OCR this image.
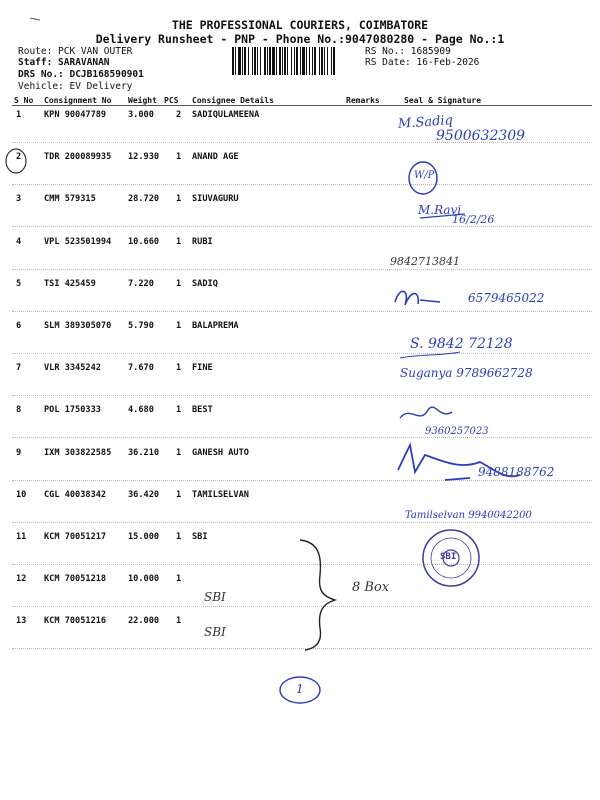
THE PROFESSIONAL COURIERS, COIMBATORE
Delivery Runsheet - PNP - Phone No.:9047080280 - Page No.:1
Route: PCK VAN OUTER
Staff: SARAVANAN
DRS No.: DCJB168590901
Vehicle: EV Delivery
RS No.: 1685909
RS Date: 16-Feb-2026
S No Consignment No Weight PCS Consignee Details	Remarks	Seal & Signature
1	KPN 90047789	3.000	2 SADIQULAMEENA
2	TDR 200089935 12.930 1 ANAND AGE
3	CMM 579315	28.720 1 SIUVAGURU
4	VPL 523501994 10.660 1 RUBI
5	TSI 425459	7.220	1 SADIQ
6	SLM 389305070 5.790	1 BALAPREMA
7	VLR 3345242	7.670	1 FINE
8	POL 1750333	4.680	1 BEST
9	IXM 303822585 36.210 1 GANESH AUTO
10 CGL 40038342	36.420 1 TAMILSELVAN
11 KCM 70051217	15.000 1 SBI
12 KCM 70051218	10.000 1
13 KCM 70051216	22.000 1
M.Sadiq
9500632309
W/P
M.Ravi
16/2/26
9842713841
6579465022
S. 9842 72128
Suganya 9789662728
9360257023
9488188762
Tamilselvan 9940042200
8 Box
SBI
SBI
1
SBI
